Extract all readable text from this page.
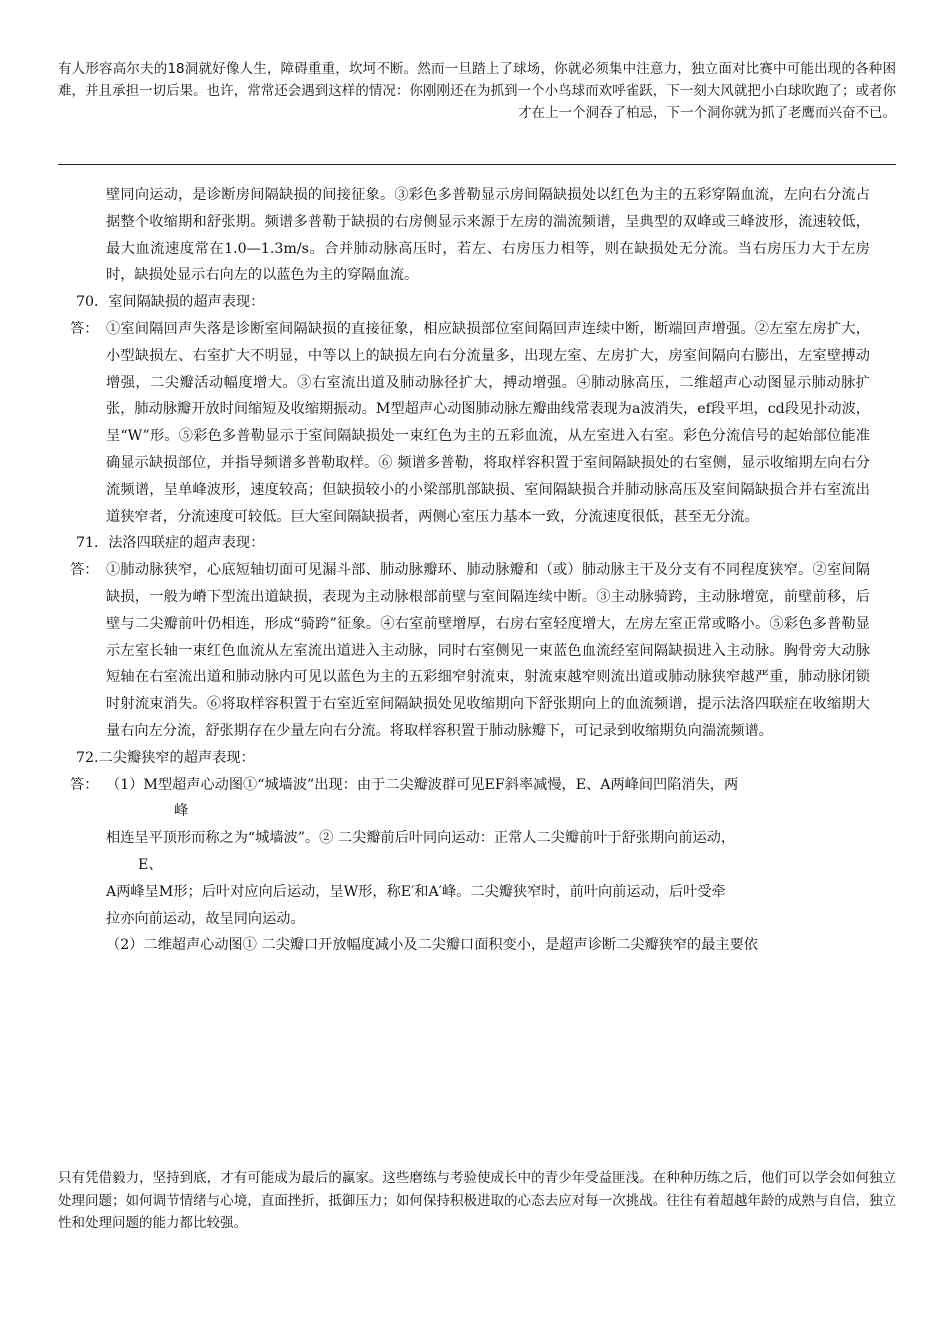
有人形容高尔夫的18洞就好像人生，障碍重重，坎坷不断。然而一旦踏上了球场，你就必须集中注意力，独立面对比赛中可能出现的各种困难，并且承担一切后果。也许，常常还会遇到这样的情况：你刚刚还在为抓到一个小鸟球而欢呼雀跃，下一刻大风就把小白球吹跑了；或者你才在上一个洞吞了柏忌，下一个洞你就为抓了老鹰而兴奋不已。

壁同向运动，是诊断房间隔缺损的间接征象。③彩色多普勒显示房间隔缺损处以红色为主的五彩穿隔血流，左向右分流占据整个收缩期和舒张期。频谱多普勒于缺损的右房侧显示来源于左房的湍流频谱，呈典型的双峰或三峰波形，流速较低，最大血流速度常在1.0—1.3m/s。合并肺动脉高压时，若左、右房压力相等，则在缺损处无分流。当右房压力大于左房时，缺损处显示右向左的以蓝色为主的穿隔血流。

70．室间隔缺损的超声表现：

答： ①室间隔回声失落是诊断室间隔缺损的直接征象，相应缺损部位室间隔回声连续中断，断端回声增强。②左室左房扩大，小型缺损左、右室扩大不明显，中等以上的缺损左向右分流量多，出现左室、左房扩大，房室间隔向右膨出，左室壁搏动增强，二尖瓣活动幅度增大。③右室流出道及肺动脉径扩大，搏动增强。④肺动脉高压，二维超声心动图显示肺动脉扩张，肺动脉瓣开放时间缩短及收缩期振动。M型超声心动图肺动脉左瓣曲线常表现为a波消失，ef段平坦，cd段见扑动波，呈“W”形。⑤彩色多普勒显示于室间隔缺损处一束红色为主的五彩血流，从左室进入右室。彩色分流信号的起始部位能准确显示缺损部位，并指导频谱多普勒取样。⑥ 频谱多普勒，将取样容积置于室间隔缺损处的右室侧，显示收缩期左向右分流频谱，呈单峰波形，速度较高；但缺损较小的小梁部肌部缺损、室间隔缺损合并肺动脉高压及室间隔缺损合并右室流出道狭窄者，分流速度可较低。巨大室间隔缺损者，两侧心室压力基本一致，分流速度很低，甚至无分流。

71．法洛四联症的超声表现：

答： ①肺动脉狭窄，心底短轴切面可见漏斗部、肺动脉瓣环、肺动脉瓣和（或）肺动脉主干及分支有不同程度狭窄。②室间隔缺损，一般为嵴下型流出道缺损，表现为主动脉根部前壁与室间隔连续中断。③主动脉骑跨，主动脉增宽，前壁前移，后壁与二尖瓣前叶仍相连，形成“骑跨”征象。④右室前壁增厚，右房右室轻度增大，左房左室正常或略小。⑤彩色多普勒显示左室长轴一束红色血流从左室流出道进入主动脉，同时右室侧见一束蓝色血流经室间隔缺损进入主动脉。胸骨旁大动脉短轴在右室流出道和肺动脉内可见以蓝色为主的五彩细窄射流束，射流束越窄则流出道或肺动脉狭窄越严重，肺动脉闭锁时射流束消失。⑥将取样容积置于右室近室间隔缺损处见收缩期向下舒张期向上的血流频谱，提示法洛四联症在收缩期大量右向左分流，舒张期存在少量左向右分流。将取样容积置于肺动脉瓣下，可记录到收缩期负向湍流频谱。

72.二尖瓣狭窄的超声表现：

答： （1）M型超声心动图①“城墙波”出现：由于二尖瓣波群可见EF斜率减慢，E、A两峰间凹陷消失，两

峰

相连呈平顶形而称之为“城墙波”。② 二尖瓣前后叶同向运动：正常人二尖瓣前叶于舒张期向前运动，

E、

A两峰呈M形；后叶对应向后运动，呈W形，称E′和A′峰。二尖瓣狭窄时，前叶向前运动，后叶受牵

拉亦向前运动，故呈同向运动。

（2）二维超声心动图① 二尖瓣口开放幅度减小及二尖瓣口面积变小，是超声诊断二尖瓣狭窄的最主要依

只有凭借毅力，坚持到底，才有可能成为最后的赢家。这些磨练与考验使成长中的青少年受益匪浅。在种种历练之后，他们可以学会如何独立处理问题；如何调节情绪与心境，直面挫折，抵御压力；如何保持积极进取的心态去应对每一次挑战。往往有着超越年龄的成熟与自信，独立性和处理问题的能力都比较强。
